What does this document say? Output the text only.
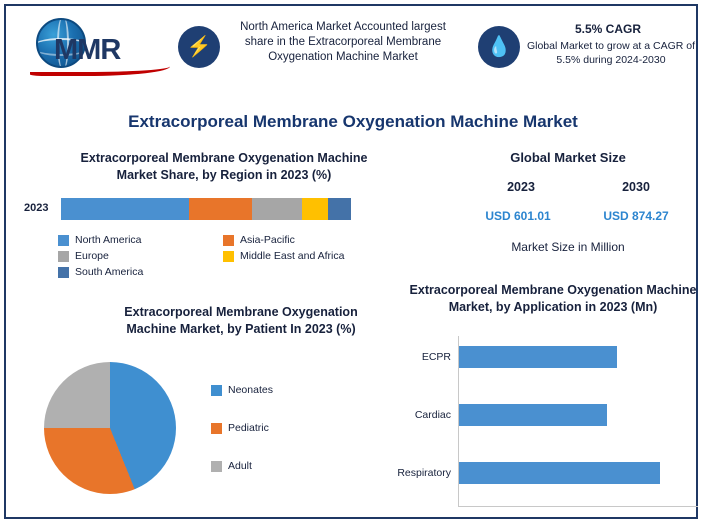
MMR	⚡
North America Market Accounted largest share in the Extracorporeal Membrane Oxygenation Machine Market	💧
5.5% CAGR
Global Market to grow at a CAGR of 5.5% during 2024-2030
Extracorporeal Membrane Oxygenation Machine Market
Extracorporeal Membrane Oxygenation Machine Market Share, by Region in 2023 (%)
2023
North America	Asia-Pacific
Europe	Middle East and Africa
South America
Global Market Size
2023	2030
USD 601.01	USD 874.27
Market Size in Million
Extracorporeal Membrane Oxygenation Machine Market, by Patient In 2023 (%)
Neonates
Pediatric
Adult
Extracorporeal Membrane Oxygenation Machine Market, by Application in 2023 (Mn)
ECPR
Cardiac
Respiratory
